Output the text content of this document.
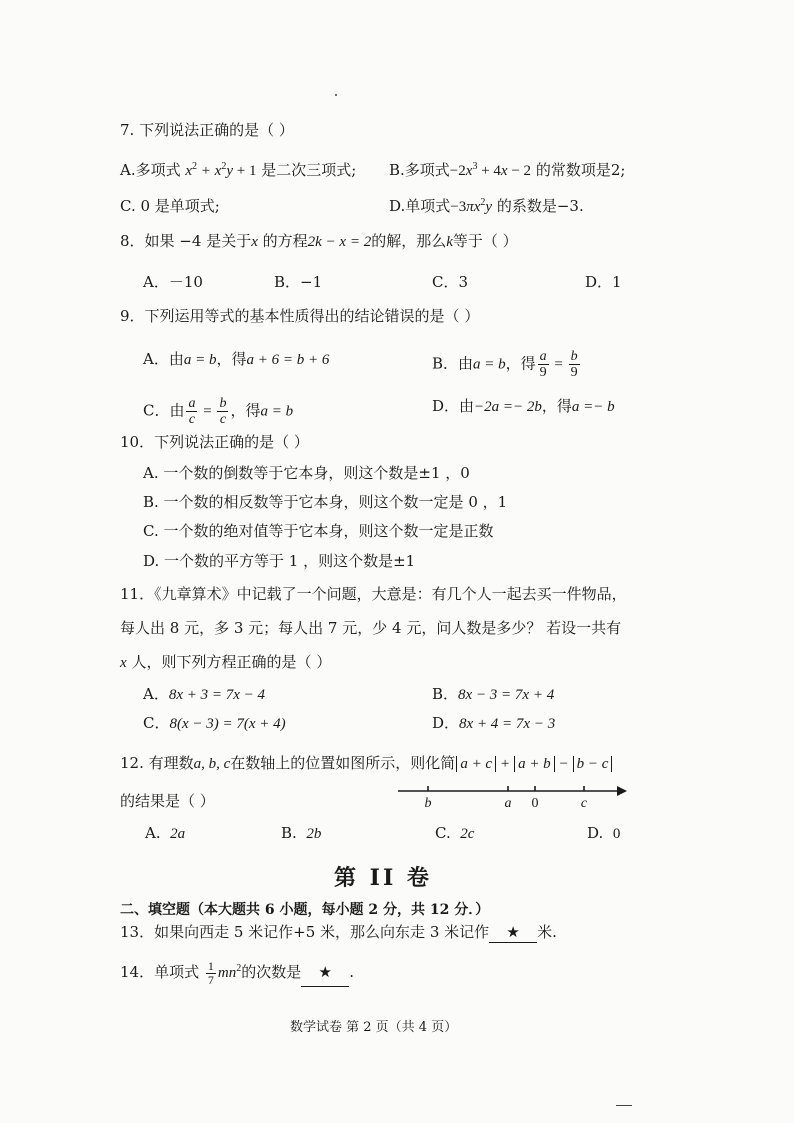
7. 下列说法正确的是（ ）
A.多项式 $x^2 + x^2y + 1$ 是二次三项式; B.多项式$-2x^3 + 4x - 2$ 的常数项是2;
C. 0 是单项式;	D.单项式$-3\pi x^2y$ 的系数是−3.
8．如果 −4 是关于x 的方程2k − x = 2的解，那么k等于（ ）
A．－10	B．−1	C．3	D．1
9．下列运用等式的基本性质得出的结论错误的是（ ）
A．由a = b，得a + 6 = b + 6	B．由a = b，得 $\frac{a}{9} = \frac{b}{9}$
C．由 $\frac{a}{c} = \frac{b}{c}$ ，得a = b	D．由−2a =− 2b，得a =− b
10．下列说法正确的是（ ）
A. 一个数的倒数等于它本身，则这个数是±1 ，0
B. 一个数的相反数等于它本身，则这个数一定是 0 ，1
C. 一个数的绝对值等于它本身，则这个数一定是正数
D. 一个数的平方等于 1 ，则这个数是±1
11．《九章算术》中记载了一个问题，大意是：有几个人一起去买一件物品，
每人出 8 元，多 3 元；每人出 7 元，少 4 元，问人数是多少？ 若设一共有
x 人，则下列方程正确的是（ ）
A．8x + 3 = 7x − 4	B．8x − 3 = 7x + 4
C．8(x − 3) = 7(x + 4)	D．8x + 4 = 7x − 3
12. 有理数a, b, c在数轴上的位置如图所示，则化简 a + c + a + b − b − c
的结果是（ ）	b	a 0	c
A. 2a	B. 2b	C. 2c	D. 0
第 II 卷
二、填空题（本大题共 6 小题，每小题 2 分，共 12 分．）
13．如果向西走 5 米记作+5 米，那么向东走 3 米记作 ★ 米.
14．单项式 $\frac{1}{7} mn^2$的次数是 ★ .
数学试卷 第 2 页（共 4 页）
